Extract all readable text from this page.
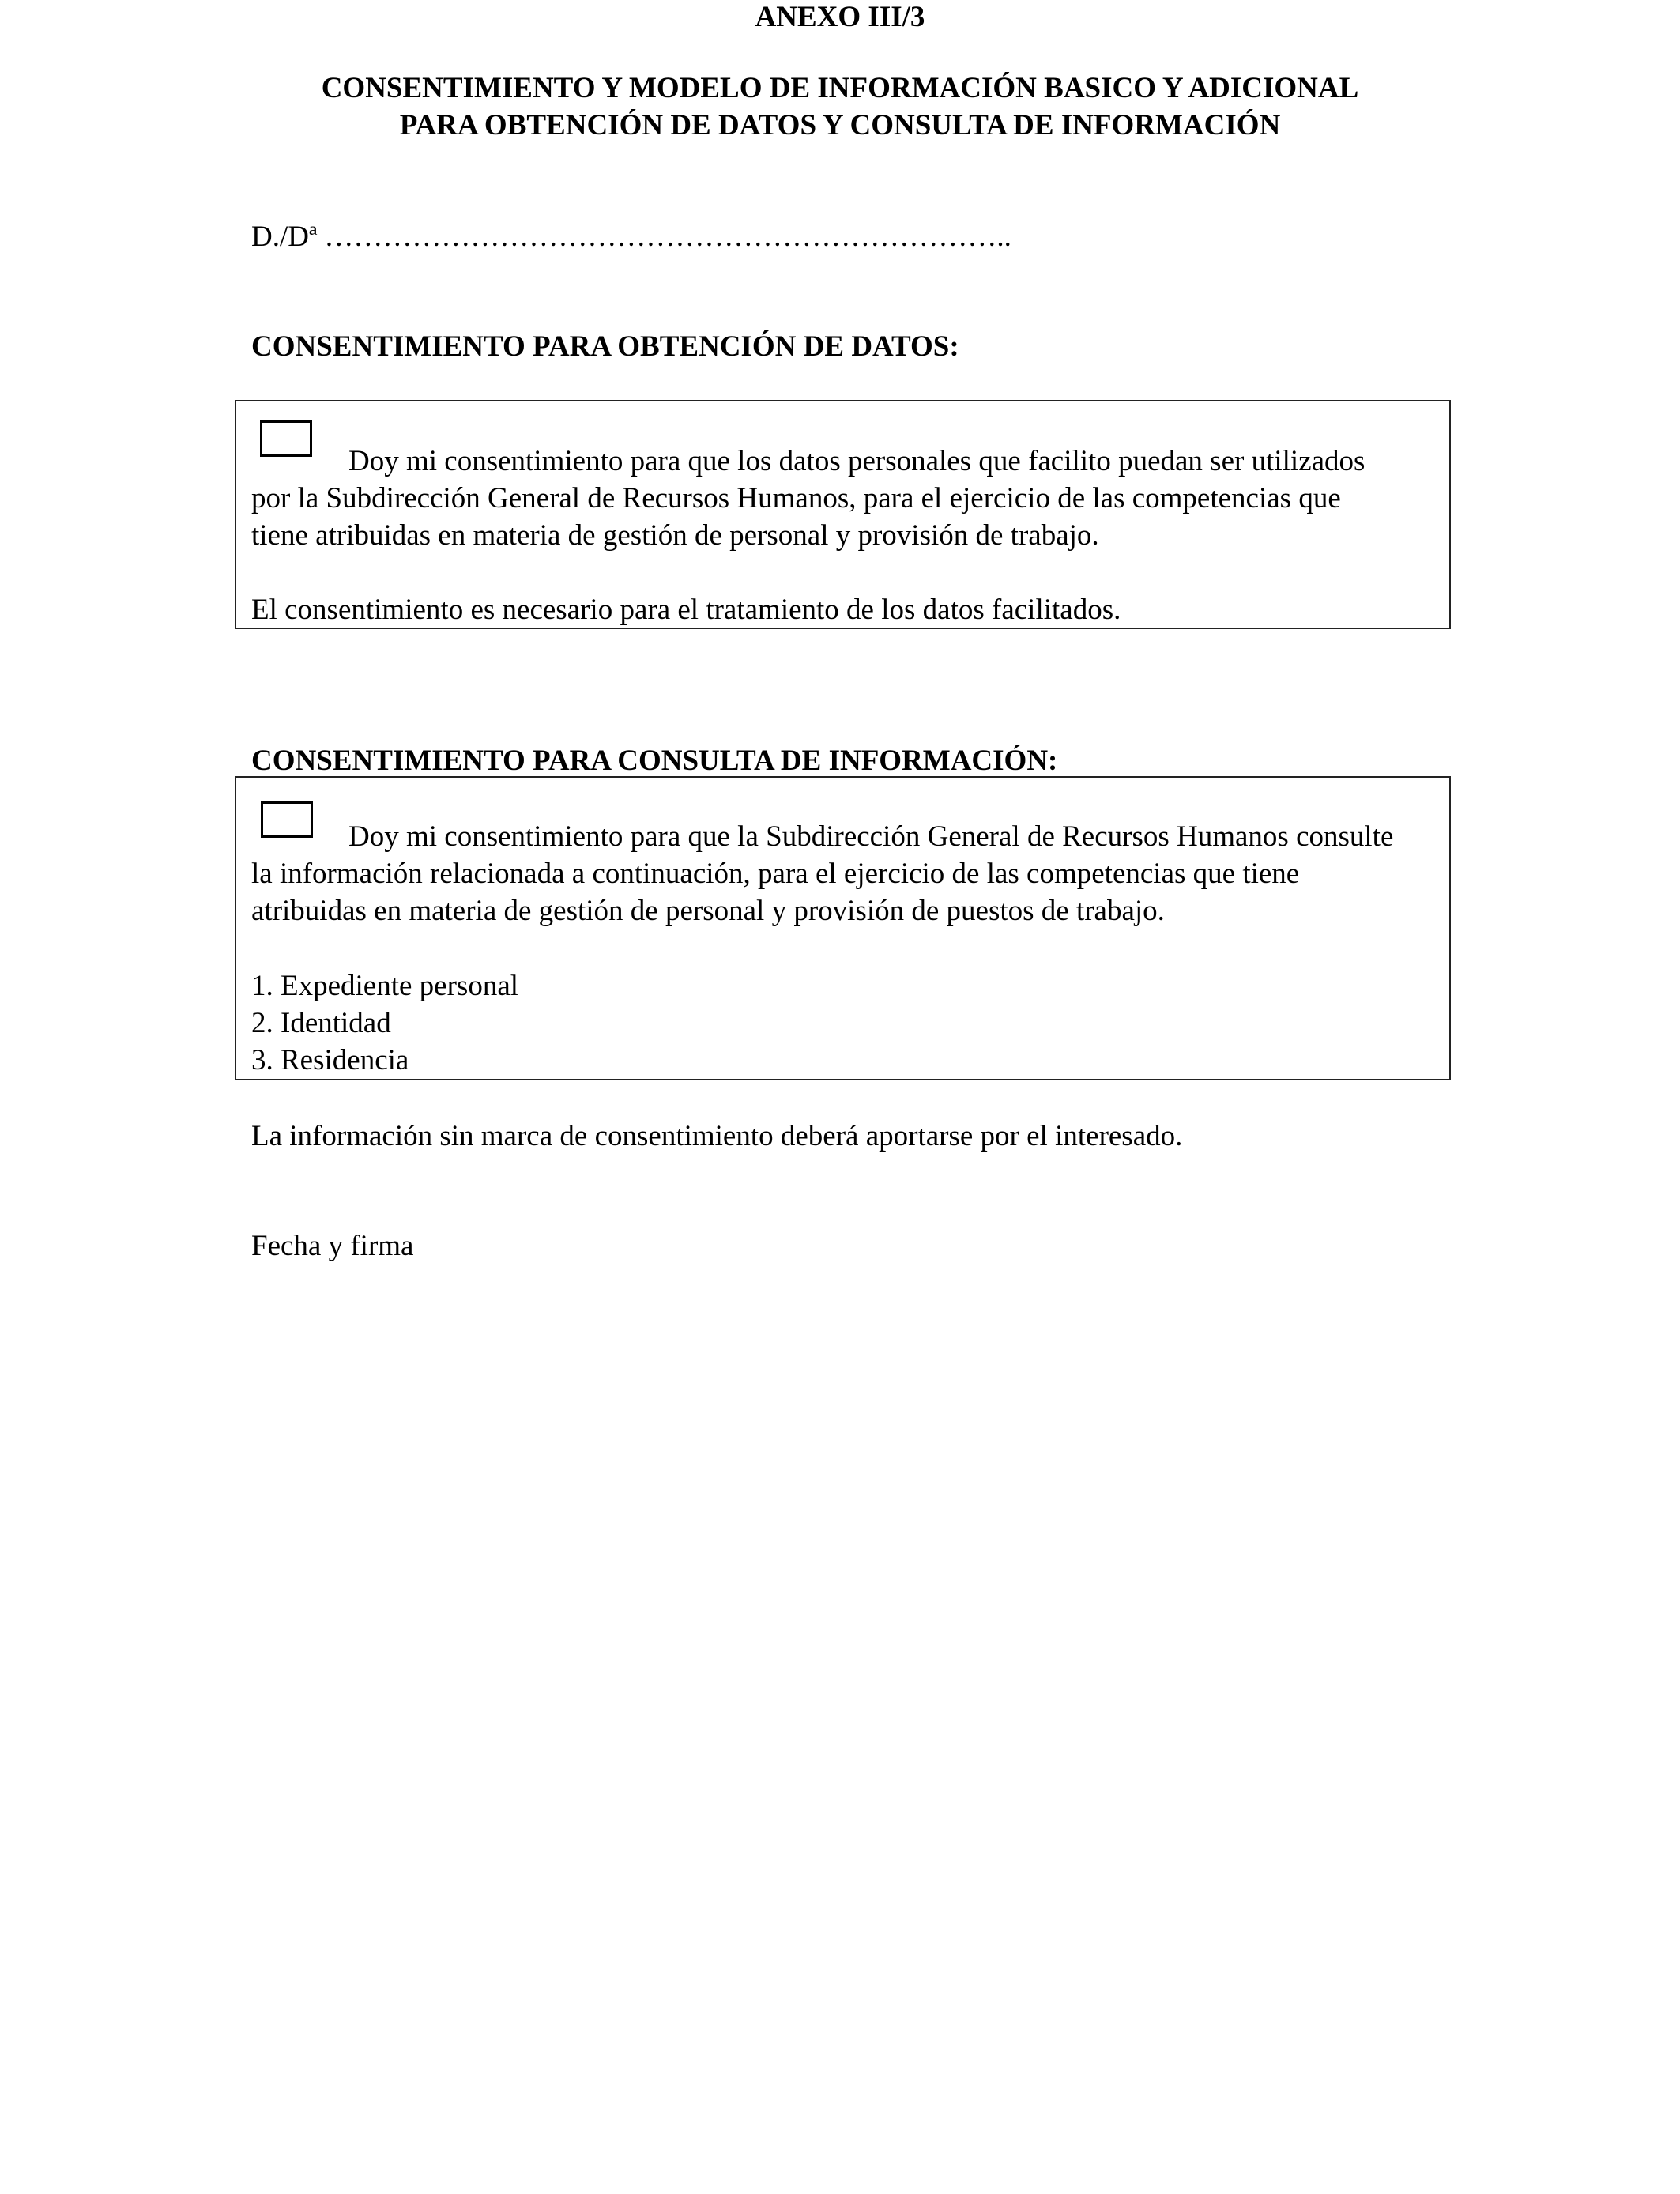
ANEXO III/3
CONSENTIMIENTO Y MODELO DE INFORMACIÓN BASICO Y ADICIONAL
PARA OBTENCIÓN DE DATOS Y CONSULTA DE INFORMACIÓN
D./Dª ……………………………………………………………..
CONSENTIMIENTO PARA OBTENCIÓN DE DATOS:
Doy mi consentimiento para que los datos personales que facilito puedan ser utilizados
por la Subdirección General de Recursos Humanos, para el ejercicio de las competencias que
tiene atribuidas en materia de gestión de personal y provisión de trabajo.
El consentimiento es necesario para el tratamiento de los datos facilitados.
CONSENTIMIENTO PARA CONSULTA DE INFORMACIÓN:
Doy mi consentimiento para que la Subdirección General de Recursos Humanos consulte
la información relacionada a continuación, para el ejercicio de las competencias que tiene
atribuidas en materia de gestión de personal y provisión de puestos de trabajo.
1. Expediente personal
2. Identidad
3. Residencia
La información sin marca de consentimiento deberá aportarse por el interesado.
Fecha y firma
